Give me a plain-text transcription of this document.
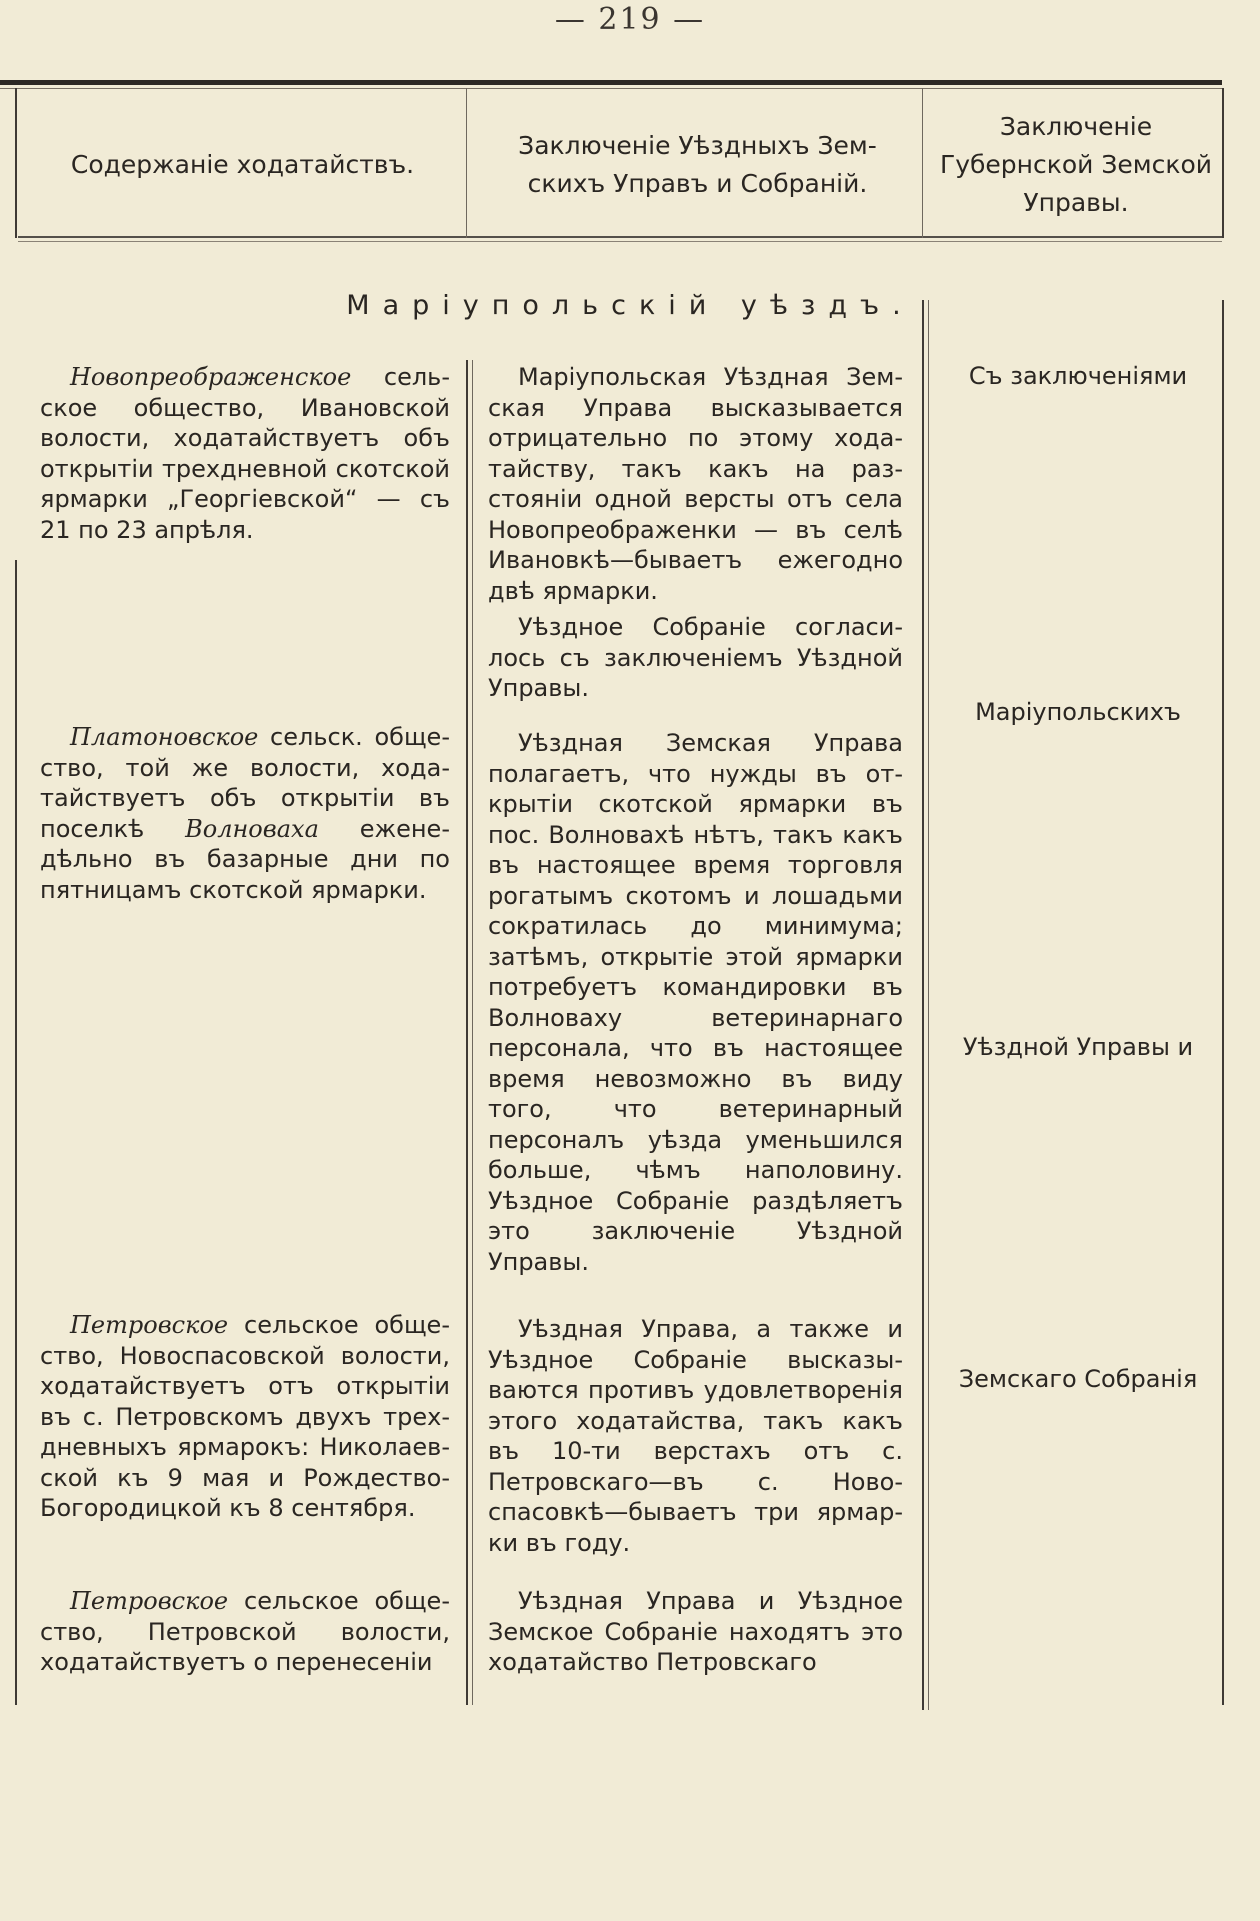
— 219 —
Содержаніе ходатайствъ.
Заключеніе Уѣздныхъ Зем-
скихъ Управъ и Собраній.
Заключеніе
Губернской Земской
Управы.
Маріупольскій уѣздъ.

Новопреображенское сельское общество, Ивановской волости, ходатайствуетъ объ открытіи трехдневной скотской ярмарки „Георгіевской“ — съ 21 по 23 апрѣля.

Маріупольская Уѣздная Земская Управа высказывается отрицательно по этому ходатайству, такъ какъ на разстояніи одной версты отъ села Новопреображенки — въ селѣ Ивановкѣ—бываетъ ежегодно двѣ ярмарки.

Уѣздное Собраніе согласилось съ заключеніемъ Уѣздной Управы.

Платоновское сельск. общество, той же волости, ходатайствуетъ объ открытіи въ поселкѣ Волноваха еженедѣльно въ базарные дни по пятницамъ скотской ярмарки.

Уѣздная Земская Управа полагаетъ, что нужды въ открытіи скотской ярмарки въ пос. Волновахѣ нѣтъ, такъ какъ въ настоящее время торговля рогатымъ скотомъ и лошадьми сократилась до минимума; затѣмъ, открытіе этой ярмарки потребуетъ командировки въ Волноваху ветеринарнаго персонала, что въ настоящее время невозможно въ виду того, что ветеринарный персоналъ уѣзда уменьшился больше, чѣмъ наполовину. Уѣздное Собраніе раздѣляетъ это заключеніе Уѣздной Управы.

Петровское сельское общество, Новоспасовской волости, ходатайствуетъ отъ открытіи въ с. Петровскомъ двухъ трехдневныхъ ярмарокъ: Николаевской къ 9 мая и Рождество-Богородицкой къ 8 сентября.

Уѣздная Управа, а также и Уѣздное Собраніе высказываются противъ удовлетворенія этого ходатайства, такъ какъ въ 10-ти верстахъ отъ с. Петровскаго—въ с. Новоспасовкѣ—бываетъ три ярмарки въ году.

Петровское сельское общество, Петровской волости, ходатайствуетъ о перенесеніи

Уѣздная Управа и Уѣздное Земское Собраніе находятъ это ходатайство Петровскаго

Съ заключеніями
Маріупольскихъ
Уѣздной Управы и
Земскаго Собранія
